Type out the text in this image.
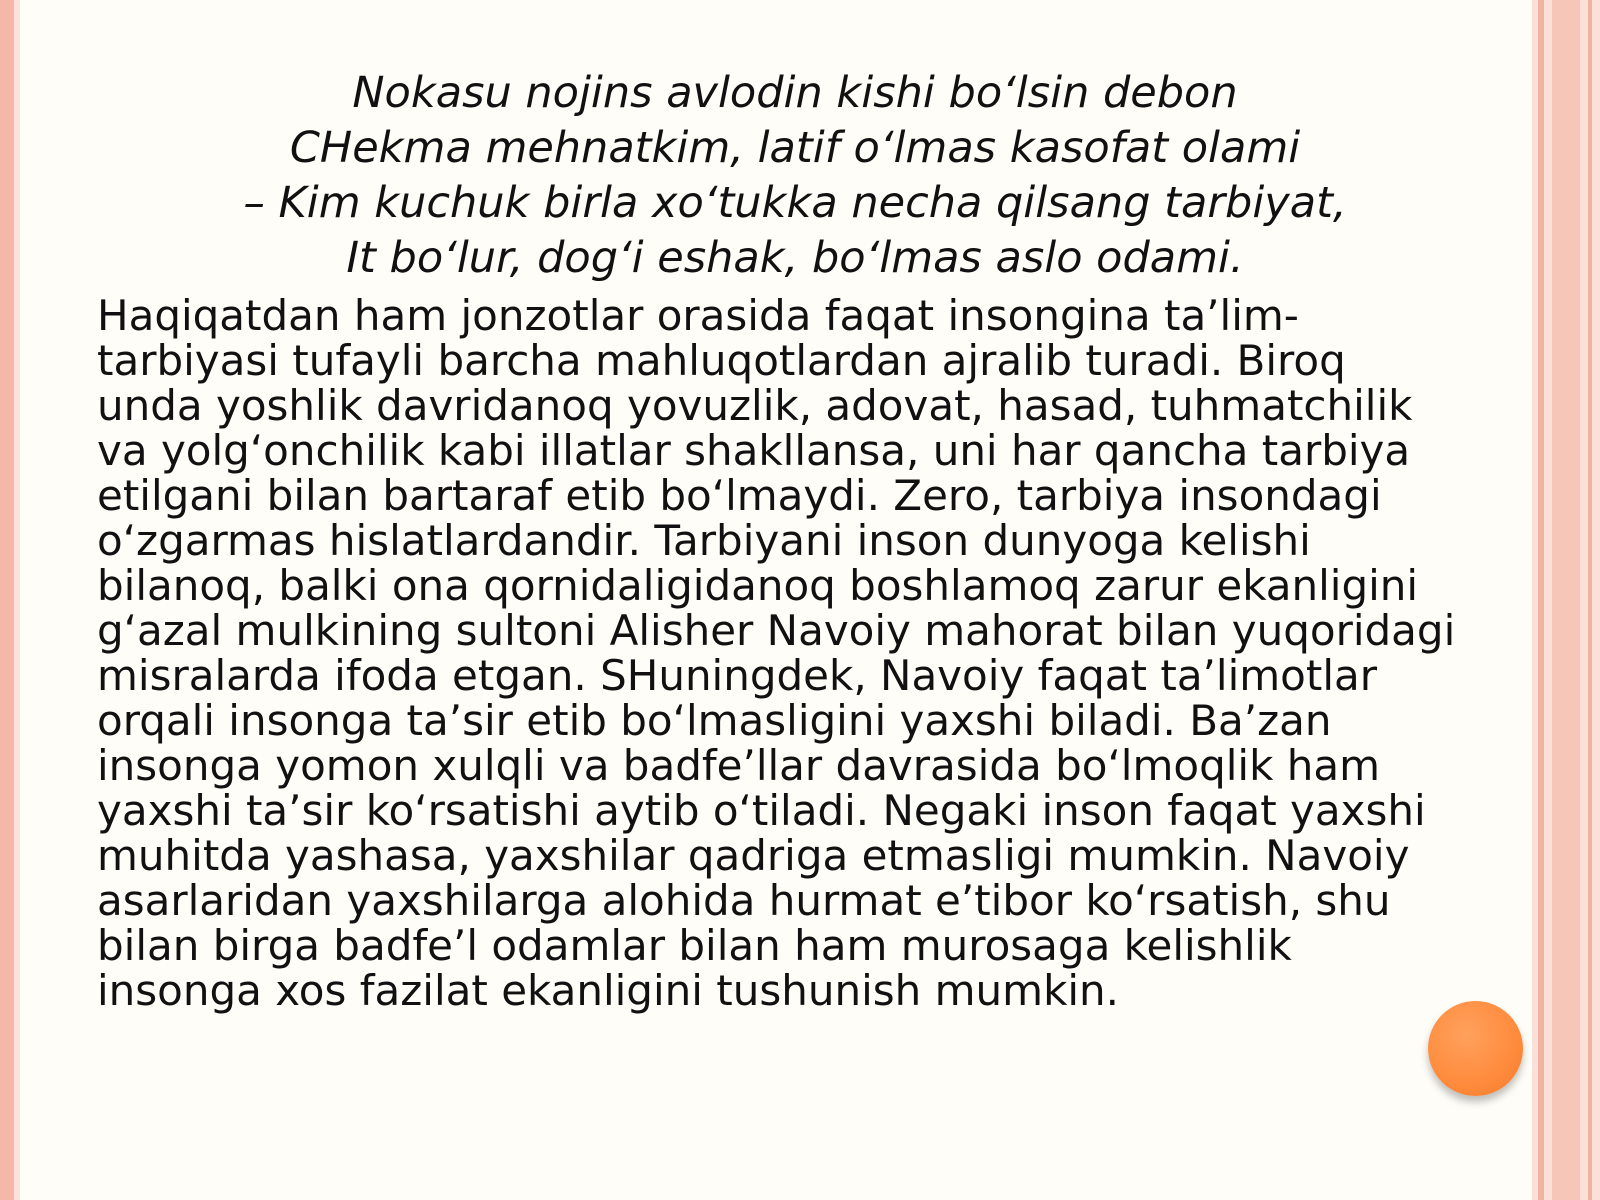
Nokasu nojins avlodin kishi boʻlsin debon
CHekma mehnatkim, latif oʻlmas kasofat olami
– Kim kuchuk birla xoʻtukka necha qilsang tarbiyat,
It boʻlur, dogʻi eshak, boʻlmas aslo odami.
Haqiqatdan ham jonzotlar orasida faqat insongina taʼlim-
tarbiyasi tufayli barcha mahluqotlardan ajralib turadi. Biroq
unda yoshlik davridanoq yovuzlik, adovat, hasad, tuhmatchilik
va yolgʻonchilik kabi illatlar shakllansa, uni har qancha tarbiya
etilgani bilan bartaraf etib boʻlmaydi. Zero, tarbiya insondagi
oʻzgarmas hislatlardandir. Tarbiyani inson dunyoga kelishi
bilanoq, balki ona qornidaligidanoq boshlamoq zarur ekanligini
gʻazal mulkining sultoni Alisher Navoiy mahorat bilan yuqoridagi
misralarda ifoda etgan. SHuningdek, Navoiy faqat taʼlimotlar
orqali insonga taʼsir etib boʻlmasligini yaxshi biladi. Baʼzan
insonga yomon xulqli va badfeʼllar davrasida boʻlmoqlik ham
yaxshi taʼsir koʻrsatishi aytib oʻtiladi. Negaki inson faqat yaxshi
muhitda yashasa, yaxshilar qadriga etmasligi mumkin. Navoiy
asarlaridan yaxshilarga alohida hurmat eʼtibor koʻrsatish, shu
bilan birga badfeʼl odamlar bilan ham murosaga kelishlik
insonga xos fazilat ekanligini tushunish mumkin.
